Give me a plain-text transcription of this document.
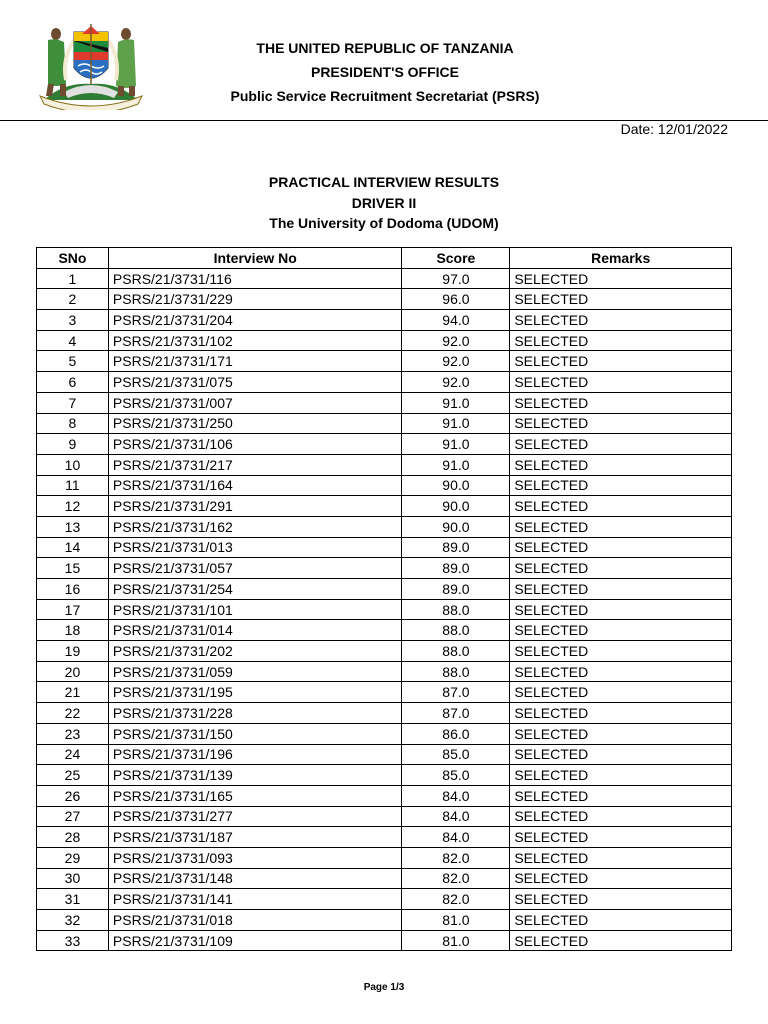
THE UNITED REPUBLIC OF TANZANIA
PRESIDENT'S OFFICE
Public Service Recruitment Secretariat (PSRS)
Date: 12/01/2022
PRACTICAL INTERVIEW RESULTS
DRIVER II
The University of Dodoma (UDOM)
SNo	Interview No	Score	Remarks
1	PSRS/21/3731/116	97.0	SELECTED
2	PSRS/21/3731/229	96.0	SELECTED
3	PSRS/21/3731/204	94.0	SELECTED
4	PSRS/21/3731/102	92.0	SELECTED
5	PSRS/21/3731/171	92.0	SELECTED
6	PSRS/21/3731/075	92.0	SELECTED
7	PSRS/21/3731/007	91.0	SELECTED
8	PSRS/21/3731/250	91.0	SELECTED
9	PSRS/21/3731/106	91.0	SELECTED
10	PSRS/21/3731/217	91.0	SELECTED
11	PSRS/21/3731/164	90.0	SELECTED
12	PSRS/21/3731/291	90.0	SELECTED
13	PSRS/21/3731/162	90.0	SELECTED
14	PSRS/21/3731/013	89.0	SELECTED
15	PSRS/21/3731/057	89.0	SELECTED
16	PSRS/21/3731/254	89.0	SELECTED
17	PSRS/21/3731/101	88.0	SELECTED
18	PSRS/21/3731/014	88.0	SELECTED
19	PSRS/21/3731/202	88.0	SELECTED
20	PSRS/21/3731/059	88.0	SELECTED
21	PSRS/21/3731/195	87.0	SELECTED
22	PSRS/21/3731/228	87.0	SELECTED
23	PSRS/21/3731/150	86.0	SELECTED
24	PSRS/21/3731/196	85.0	SELECTED
25	PSRS/21/3731/139	85.0	SELECTED
26	PSRS/21/3731/165	84.0	SELECTED
27	PSRS/21/3731/277	84.0	SELECTED
28	PSRS/21/3731/187	84.0	SELECTED
29	PSRS/21/3731/093	82.0	SELECTED
30	PSRS/21/3731/148	82.0	SELECTED
31	PSRS/21/3731/141	82.0	SELECTED
32	PSRS/21/3731/018	81.0	SELECTED
33	PSRS/21/3731/109	81.0	SELECTED
Page 1/3
